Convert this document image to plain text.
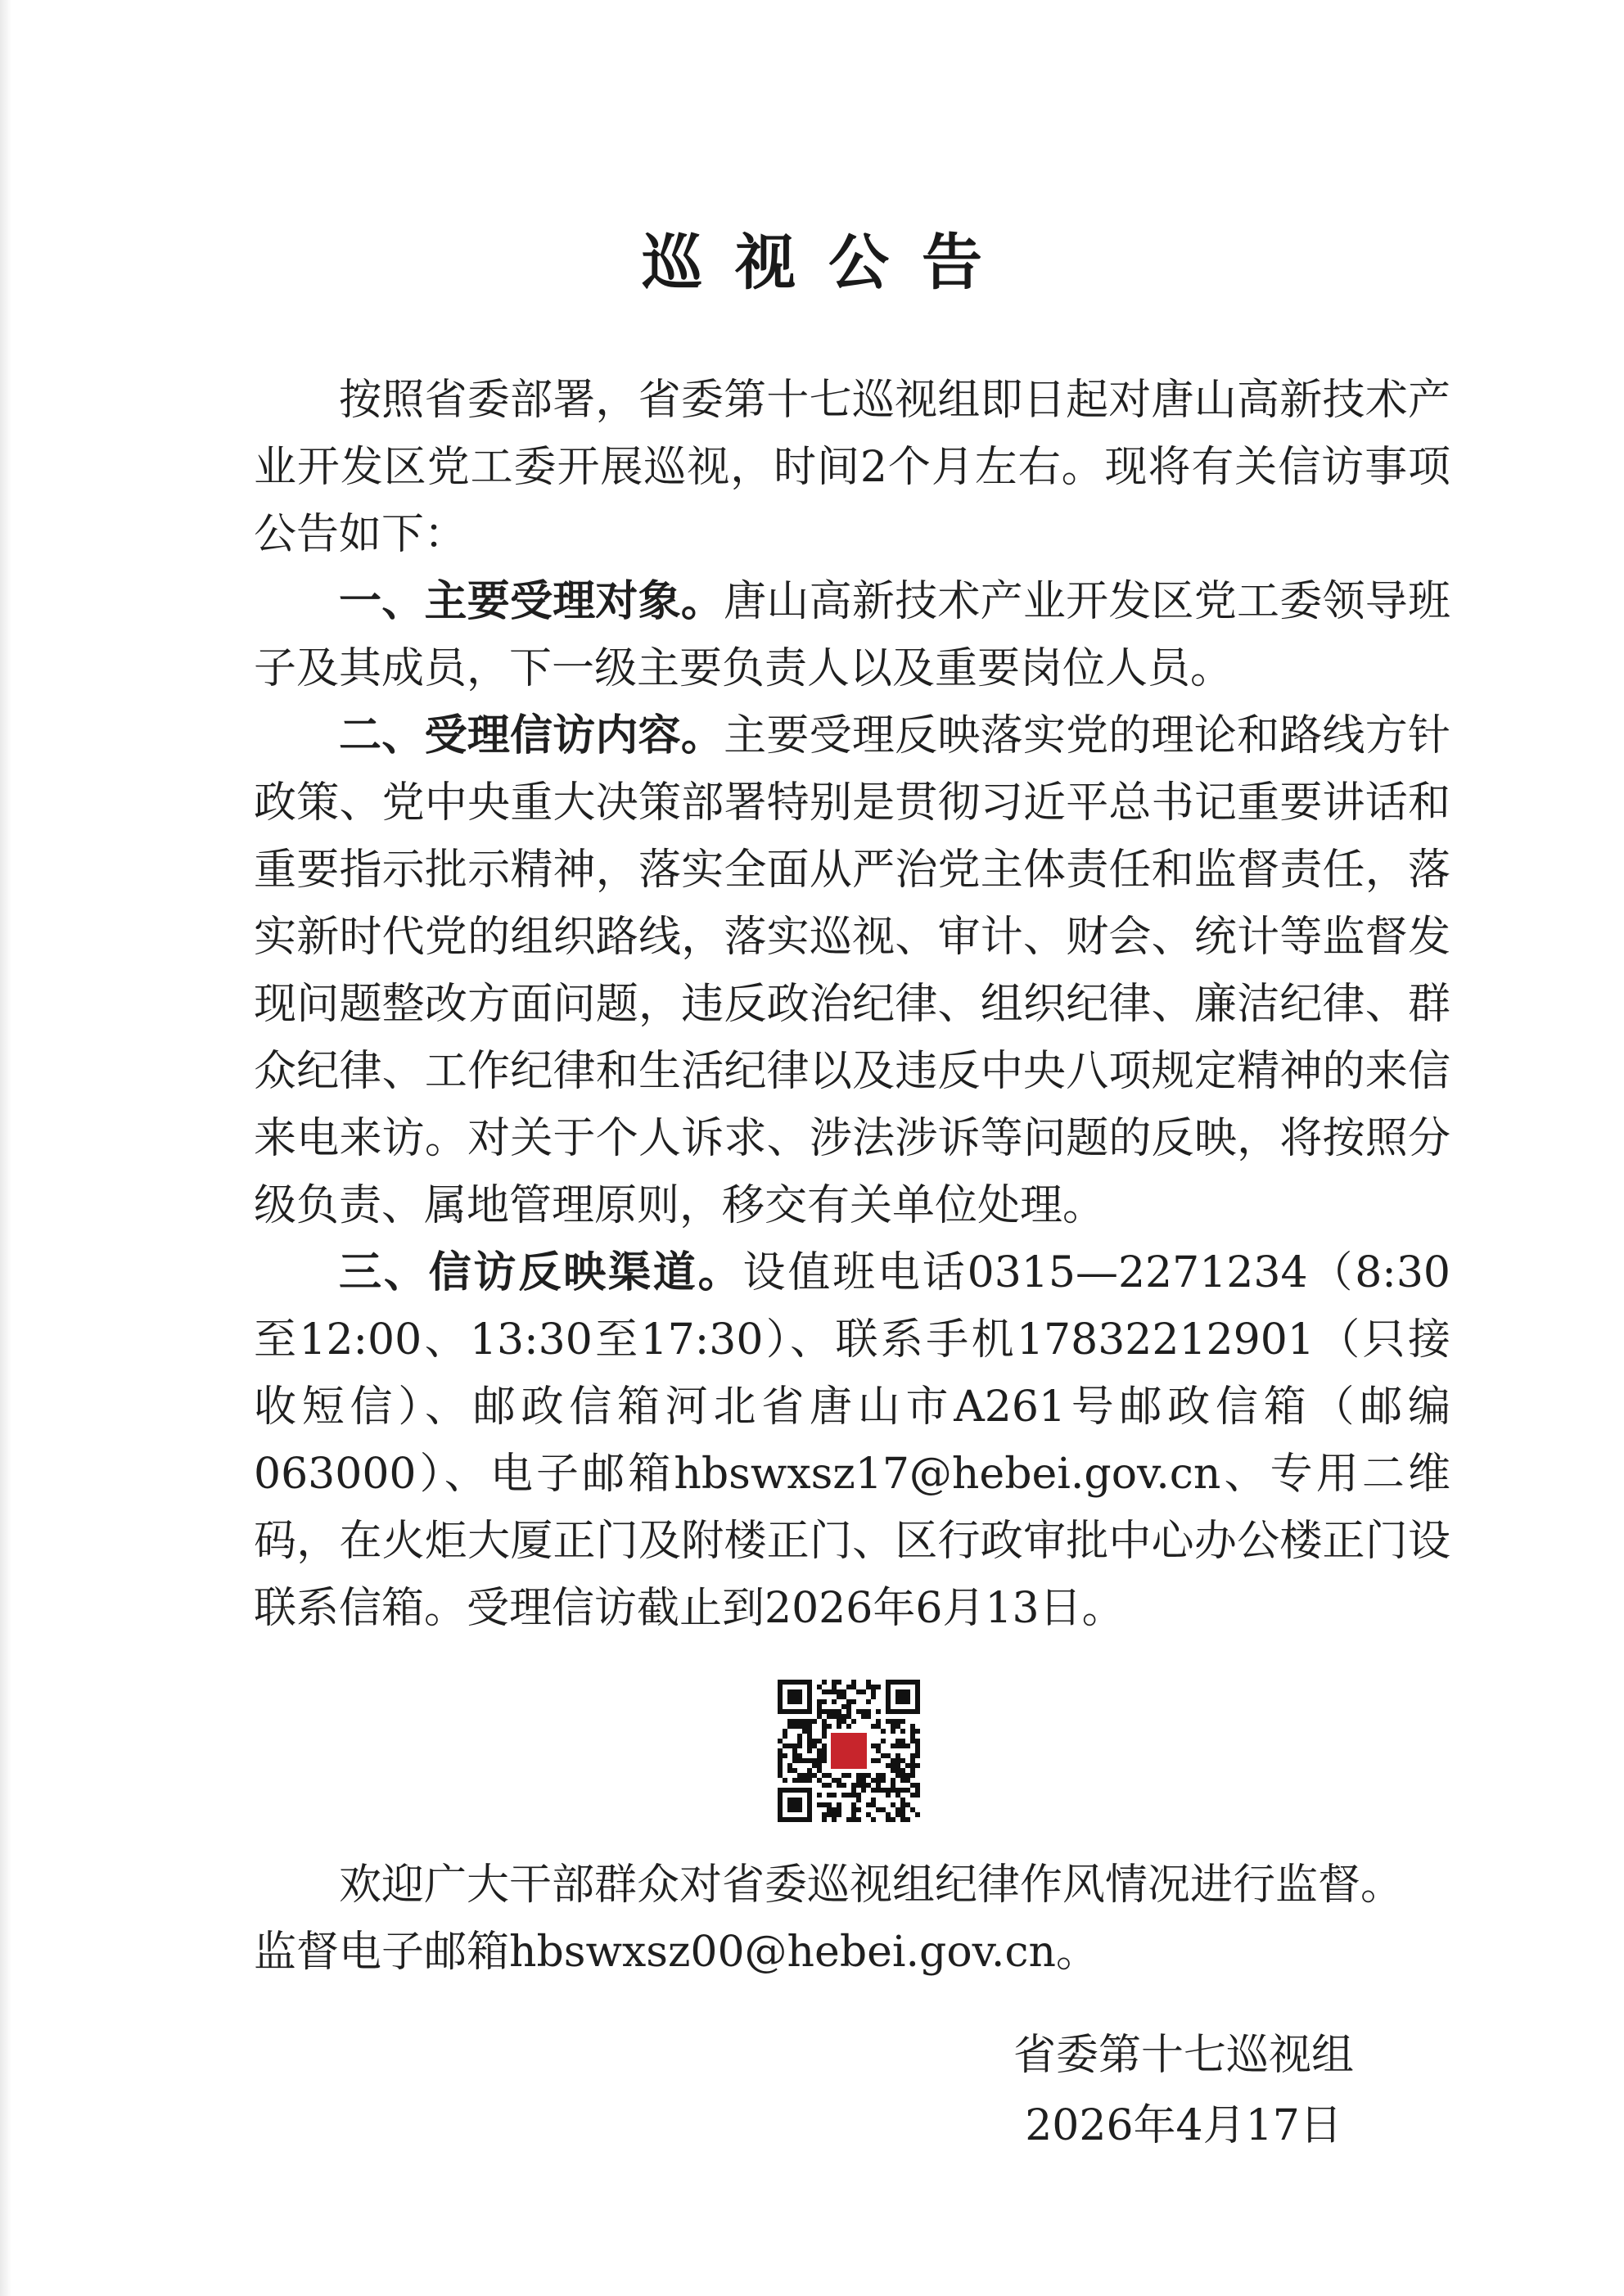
巡视公告

按照省委部署，省委第十七巡视组即日起对唐山高新技术产业开发区党工委开展巡视，时间2个月左右。现将有关信访事项公告如下：

一、主要受理对象。唐山高新技术产业开发区党工委领导班子及其成员，下一级主要负责人以及重要岗位人员。

二、受理信访内容。主要受理反映落实党的理论和路线方针政策、党中央重大决策部署特别是贯彻习近平总书记重要讲话和重要指示批示精神，落实全面从严治党主体责任和监督责任，落实新时代党的组织路线，落实巡视、审计、财会、统计等监督发现问题整改方面问题，违反政治纪律、组织纪律、廉洁纪律、群众纪律、工作纪律和生活纪律以及违反中央八项规定精神的来信来电来访。对关于个人诉求、涉法涉诉等问题的反映，将按照分级负责、属地管理原则，移交有关单位处理。

三、信访反映渠道。设值班电话0315—2271234（8:30至12:00、13:30至17:30）、联系手机17832212901（只接收短信）、邮政信箱河北省唐山市A261号邮政信箱（邮编063000）、电子邮箱hbswxsz17@hebei.gov.cn、专用二维码，在火炬大厦正门及附楼正门、区行政审批中心办公楼正门设联系信箱。受理信访截止到2026年6月13日。

欢迎广大干部群众对省委巡视组纪律作风情况进行监督。

监督电子邮箱hbswxsz00@hebei.gov.cn。

省委第十七巡视组
2026年4月17日
